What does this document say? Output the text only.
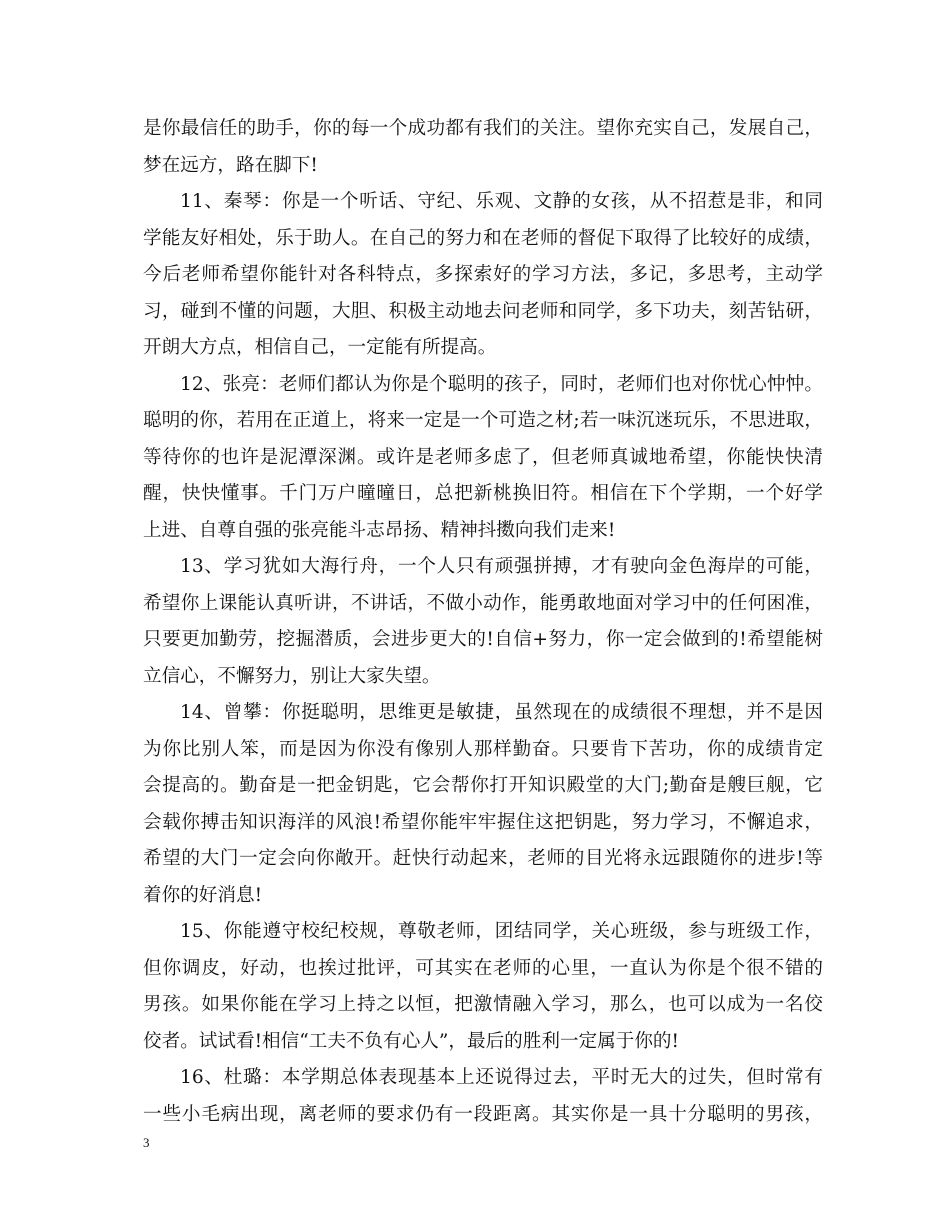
是你最信任的助手，你的每一个成功都有我们的关注。望你充实自己，发展自己，
梦在远方，路在脚下!
11、秦琴：你是一个听话、守纪、乐观、文静的女孩，从不招惹是非，和同
学能友好相处，乐于助人。在自己的努力和在老师的督促下取得了比较好的成绩，
今后老师希望你能针对各科特点，多探索好的学习方法，多记，多思考，主动学
习，碰到不懂的问题，大胆、积极主动地去问老师和同学，多下功夫，刻苦钻研，
开朗大方点，相信自己，一定能有所提高。
12、张亮：老师们都认为你是个聪明的孩子，同时，老师们也对你忧心忡忡。
聪明的你，若用在正道上，将来一定是一个可造之材;若一味沉迷玩乐，不思进取，
等待你的也许是泥潭深渊。或许是老师多虑了，但老师真诚地希望，你能快快清
醒，快快懂事。千门万户曈曈日，总把新桃换旧符。相信在下个学期，一个好学
上进、自尊自强的张亮能斗志昂扬、精神抖擞向我们走来!
13、学习犹如大海行舟，一个人只有顽强拼搏，才有驶向金色海岸的可能，
希望你上课能认真听讲，不讲话，不做小动作，能勇敢地面对学习中的任何困准，
只要更加勤劳，挖掘潜质，会进步更大的!自信+努力，你一定会做到的!希望能树
立信心，不懈努力，别让大家失望。
14、曾攀：你挺聪明，思维更是敏捷，虽然现在的成绩很不理想，并不是因
为你比别人笨，而是因为你没有像别人那样勤奋。只要肯下苦功，你的成绩肯定
会提高的。勤奋是一把金钥匙，它会帮你打开知识殿堂的大门;勤奋是艘巨舰，它
会载你搏击知识海洋的风浪!希望你能牢牢握住这把钥匙，努力学习，不懈追求，
希望的大门一定会向你敞开。赶快行动起来，老师的目光将永远跟随你的进步!等
着你的好消息!
15、你能遵守校纪校规，尊敬老师，团结同学，关心班级，参与班级工作，
但你调皮，好动，也挨过批评，可其实在老师的心里，一直认为你是个很不错的
男孩。如果你能在学习上持之以恒，把激情融入学习，那么，也可以成为一名佼
佼者。试试看!相信“工夫不负有心人”，最后的胜利一定属于你的!
16、杜璐：本学期总体表现基本上还说得过去，平时无大的过失，但时常有
一些小毛病出现，离老师的要求仍有一段距离。其实你是一具十分聪明的男孩，
3
